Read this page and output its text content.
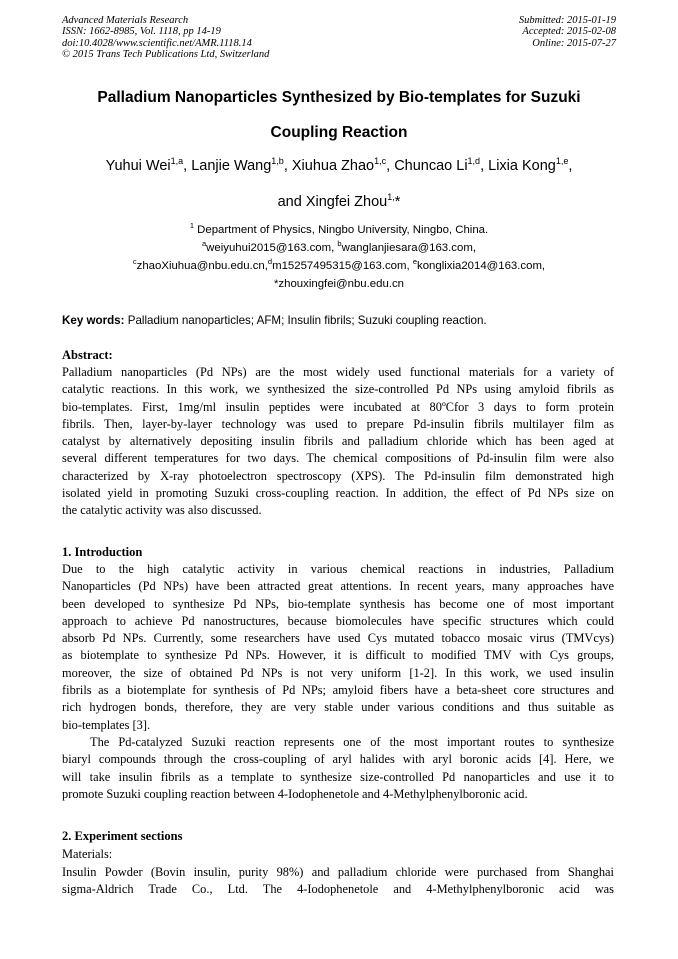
Advanced Materials Research
ISSN: 1662-8985, Vol. 1118, pp 14-19
doi:10.4028/www.scientific.net/AMR.1118.14
© 2015 Trans Tech Publications Ltd, Switzerland
Submitted: 2015-01-19
Accepted: 2015-02-08
Online: 2015-07-27
Palladium Nanoparticles Synthesized by Bio-templates for Suzuki
Coupling Reaction
Yuhui Wei$^{1,a}$, Lanjie Wang$^{1,b}$, Xiuhua Zhao$^{1,c}$, Chuncao Li$^{1,d}$, Lixia Kong$^{1,e}$,
and Xingfei Zhou$^{1,}$*
$^1$ Department of Physics, Ningbo University, Ningbo, China.
$^a$weiyuhui2015@163.com, $^b$wanglanjiesara@163.com,
$^c$zhaoXiuhua@nbu.edu.cn,$^d$m15257495315@163.com, $^e$konglixia2014@163.com,
*zhouxingfei@nbu.edu.cn
Key words: Palladium nanoparticles; AFM; Insulin fibrils; Suzuki coupling reaction.
Abstract:
Palladium nanoparticles (Pd NPs) are the most widely used functional materials for a variety of
catalytic reactions. In this work, we synthesized the size-controlled Pd NPs using amyloid fibrils as
bio-templates. First, 1mg/ml insulin peptides were incubated at 80ºCfor 3 days to form protein
fibrils. Then, layer-by-layer technology was used to prepare Pd-insulin fibrils multilayer film as
catalyst by alternatively depositing insulin fibrils and palladium chloride which has been aged at
several different temperatures for two days. The chemical compositions of Pd-insulin film were also
characterized by X-ray photoelectron spectroscopy (XPS). The Pd-insulin film demonstrated high
isolated yield in promoting Suzuki cross-coupling reaction. In addition, the effect of Pd NPs size on
the catalytic activity was also discussed.
1. Introduction
Due to the high catalytic activity in various chemical reactions in industries, Palladium
Nanoparticles (Pd NPs) have been attracted great attentions. In recent years, many approaches have
been developed to synthesize Pd NPs, bio-template synthesis has become one of most important
approach to achieve Pd nanostructures, because biomolecules have specific structures which could
absorb Pd NPs. Currently, some researchers have used Cys mutated tobacco mosaic virus (TMVcys)
as biotemplate to synthesize Pd NPs. However, it is difficult to modified TMV with Cys groups,
moreover, the size of obtained Pd NPs is not very uniform [1-2]. In this work, we used insulin
fibrils as a biotemplate for synthesis of Pd NPs; amyloid fibers have a beta-sheet core structures and
rich hydrogen bonds, therefore, they are very stable under various conditions and thus suitable as
bio-templates [3].
The Pd-catalyzed Suzuki reaction represents one of the most important routes to synthesize
biaryl compounds through the cross-coupling of aryl halides with aryl boronic acids [4]. Here, we
will take insulin fibrils as a template to synthesize size-controlled Pd nanoparticles and use it to
promote Suzuki coupling reaction between 4-Iodophenetole and 4-Methylphenylboronic acid.
2. Experiment sections
Materials:
Insulin Powder (Bovin insulin, purity 98%) and palladium chloride were purchased from Shanghai
sigma-Aldrich Trade Co., Ltd. The 4-Iodophenetole and 4-Methylphenylboronic acid was
